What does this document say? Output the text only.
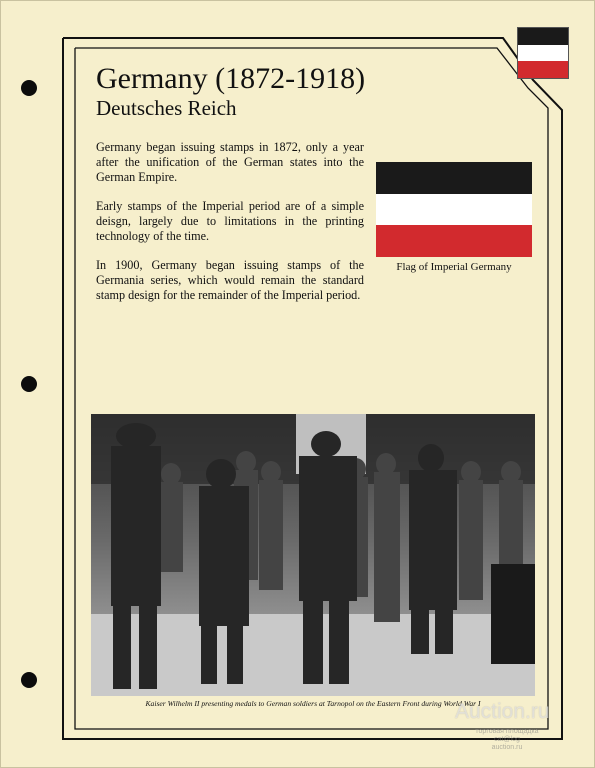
Germany (1872-1918)
Deutsches Reich

Germany began issuing stamps in 1872, only a year after the unification of the German states into the German Empire.

Early stamps of the Imperial period are of a simple deisgn, largely due to limitations in the printing technology of the time.

In 1900, Germany began issuing stamps of the Germania series, which would remain the standard stamp design for the remainder of the Imperial period.

Flag of Imperial Germany
Kaiser Wilhelm II presenting medals to German soldiers at Tarnopol on the Eastern Front during World War I
Auction.ru
торговая площадка
cat@log
auction.ru
